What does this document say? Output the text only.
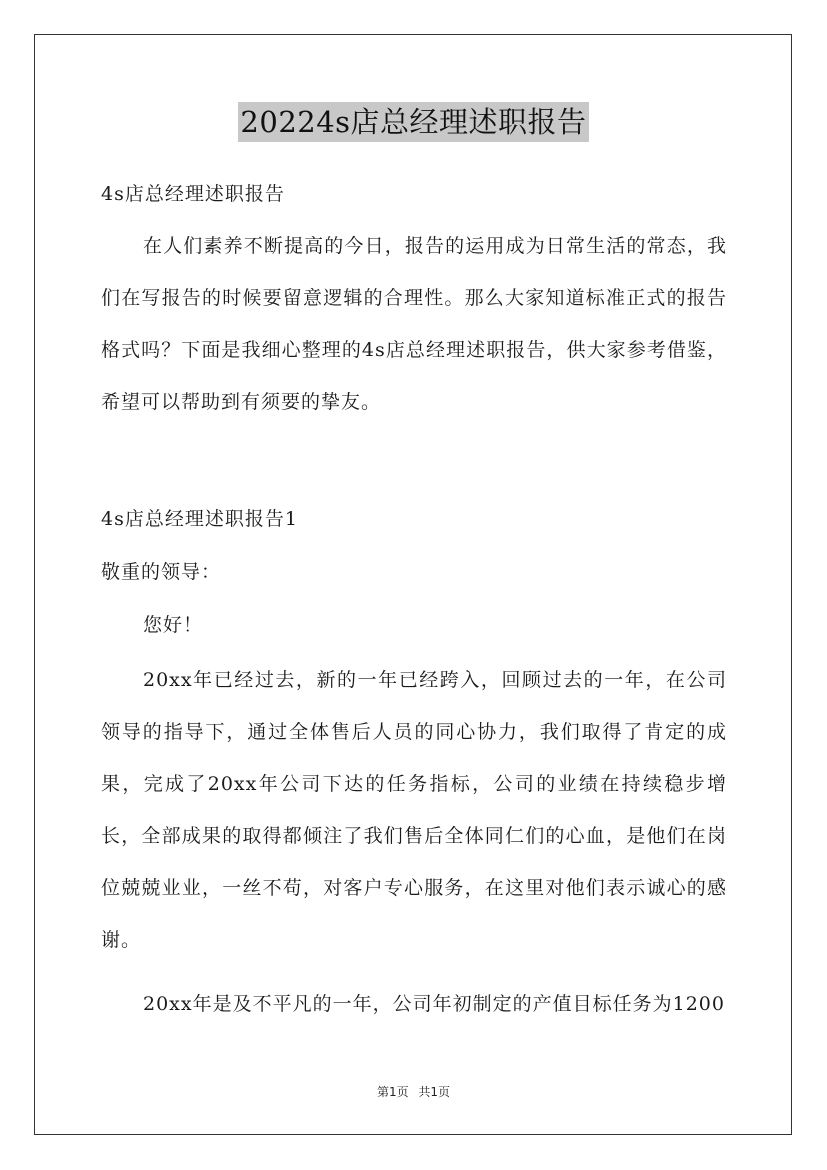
20224s店总经理述职报告

4s店总经理述职报告

在人们素养不断提高的今日，报告的运用成为日常生活的常态，我们在写报告的时候要留意逻辑的合理性。那么大家知道标准正式的报告格式吗？下面是我细心整理的4s店总经理述职报告，供大家参考借鉴，希望可以帮助到有须要的挚友。

4s店总经理述职报告1

敬重的领导：

您好！

20xx年已经过去，新的一年已经跨入，回顾过去的一年，在公司领导的指导下，通过全体售后人员的同心协力，我们取得了肯定的成果，完成了20xx年公司下达的任务指标，公司的业绩在持续稳步增长，全部成果的取得都倾注了我们售后全体同仁们的心血，是他们在岗位兢兢业业，一丝不苟，对客户专心服务，在这里对他们表示诚心的感谢。

20xx年是及不平凡的一年，公司年初制定的产值目标任务为1200

第1页 共1页
